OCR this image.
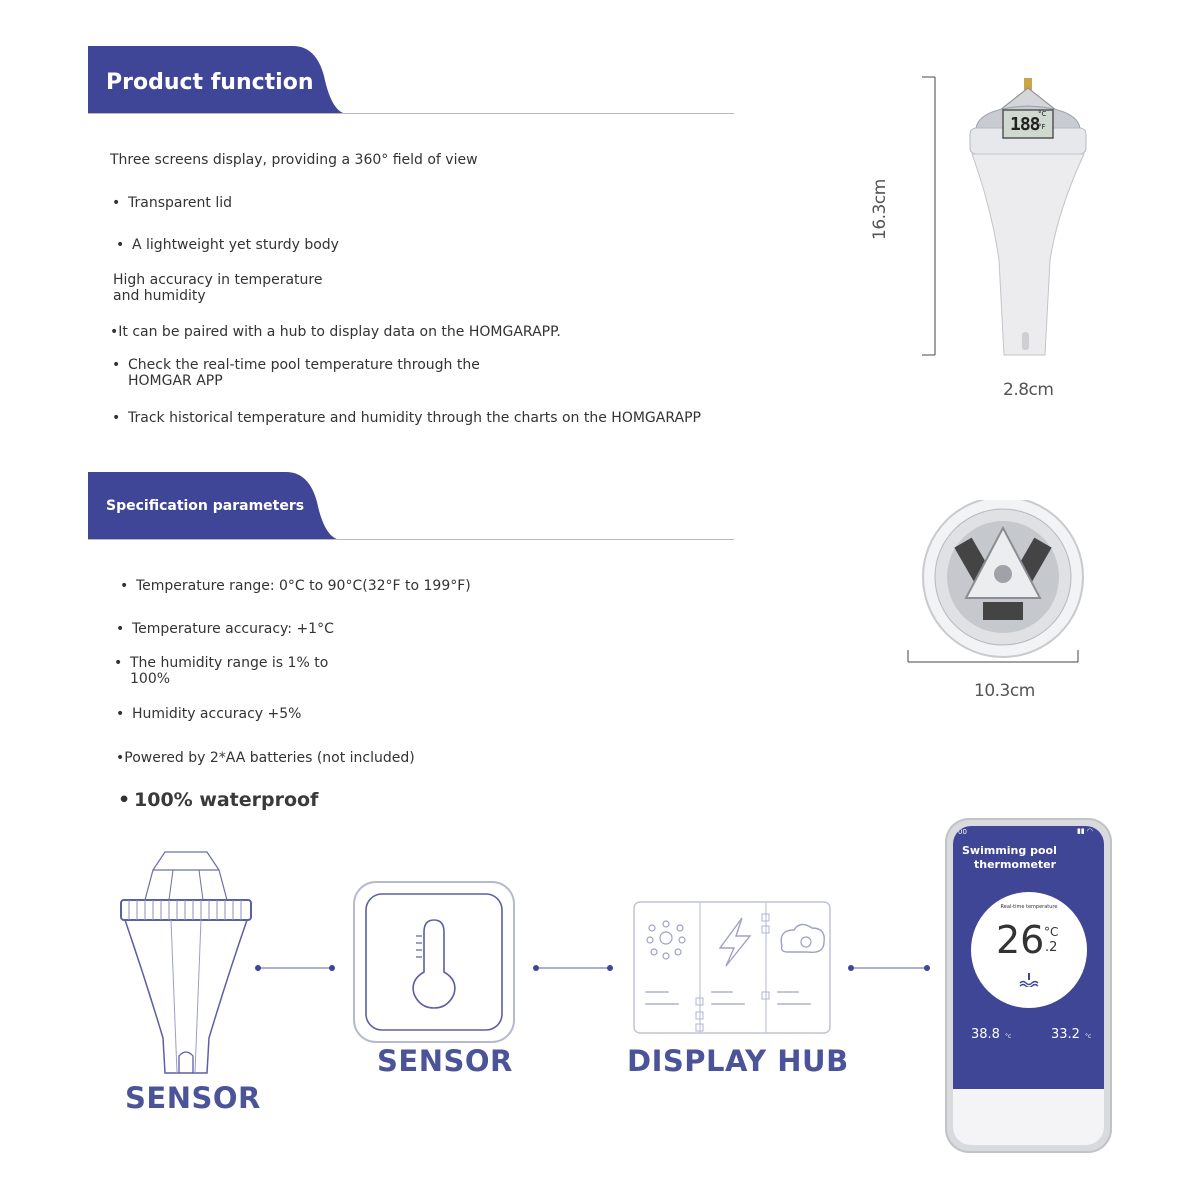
Product function
Three screens display, providing a 360° field of view
• Transparent lid
• A lightweight yet sturdy body
High accuracy in temperature
and humidity
•It can be paired with a hub to display data on the HOMGARAPP.
• Check the real-time pool temperature through the
HOMGAR APP
• Track historical temperature and humidity through the charts on the HOMGARAPP
Specification parameters
• Temperature range: 0°C to 90°C(32°F to 199°F)
• Temperature accuracy: +1°C
• The humidity range is 1% to
100%
• Humidity accuracy +5%
•Powered by 2*AA batteries (not included)
• 100% waterproof
188
°C
°F
16.3cm
2.8cm
10.3cm
SENSOR
SENSOR	DISPLAY HUB
00	▮▮ ◠
Swimming pool
thermometer
Real-time temperature
26 °C
.2
38.8 °c	33.2 °c
